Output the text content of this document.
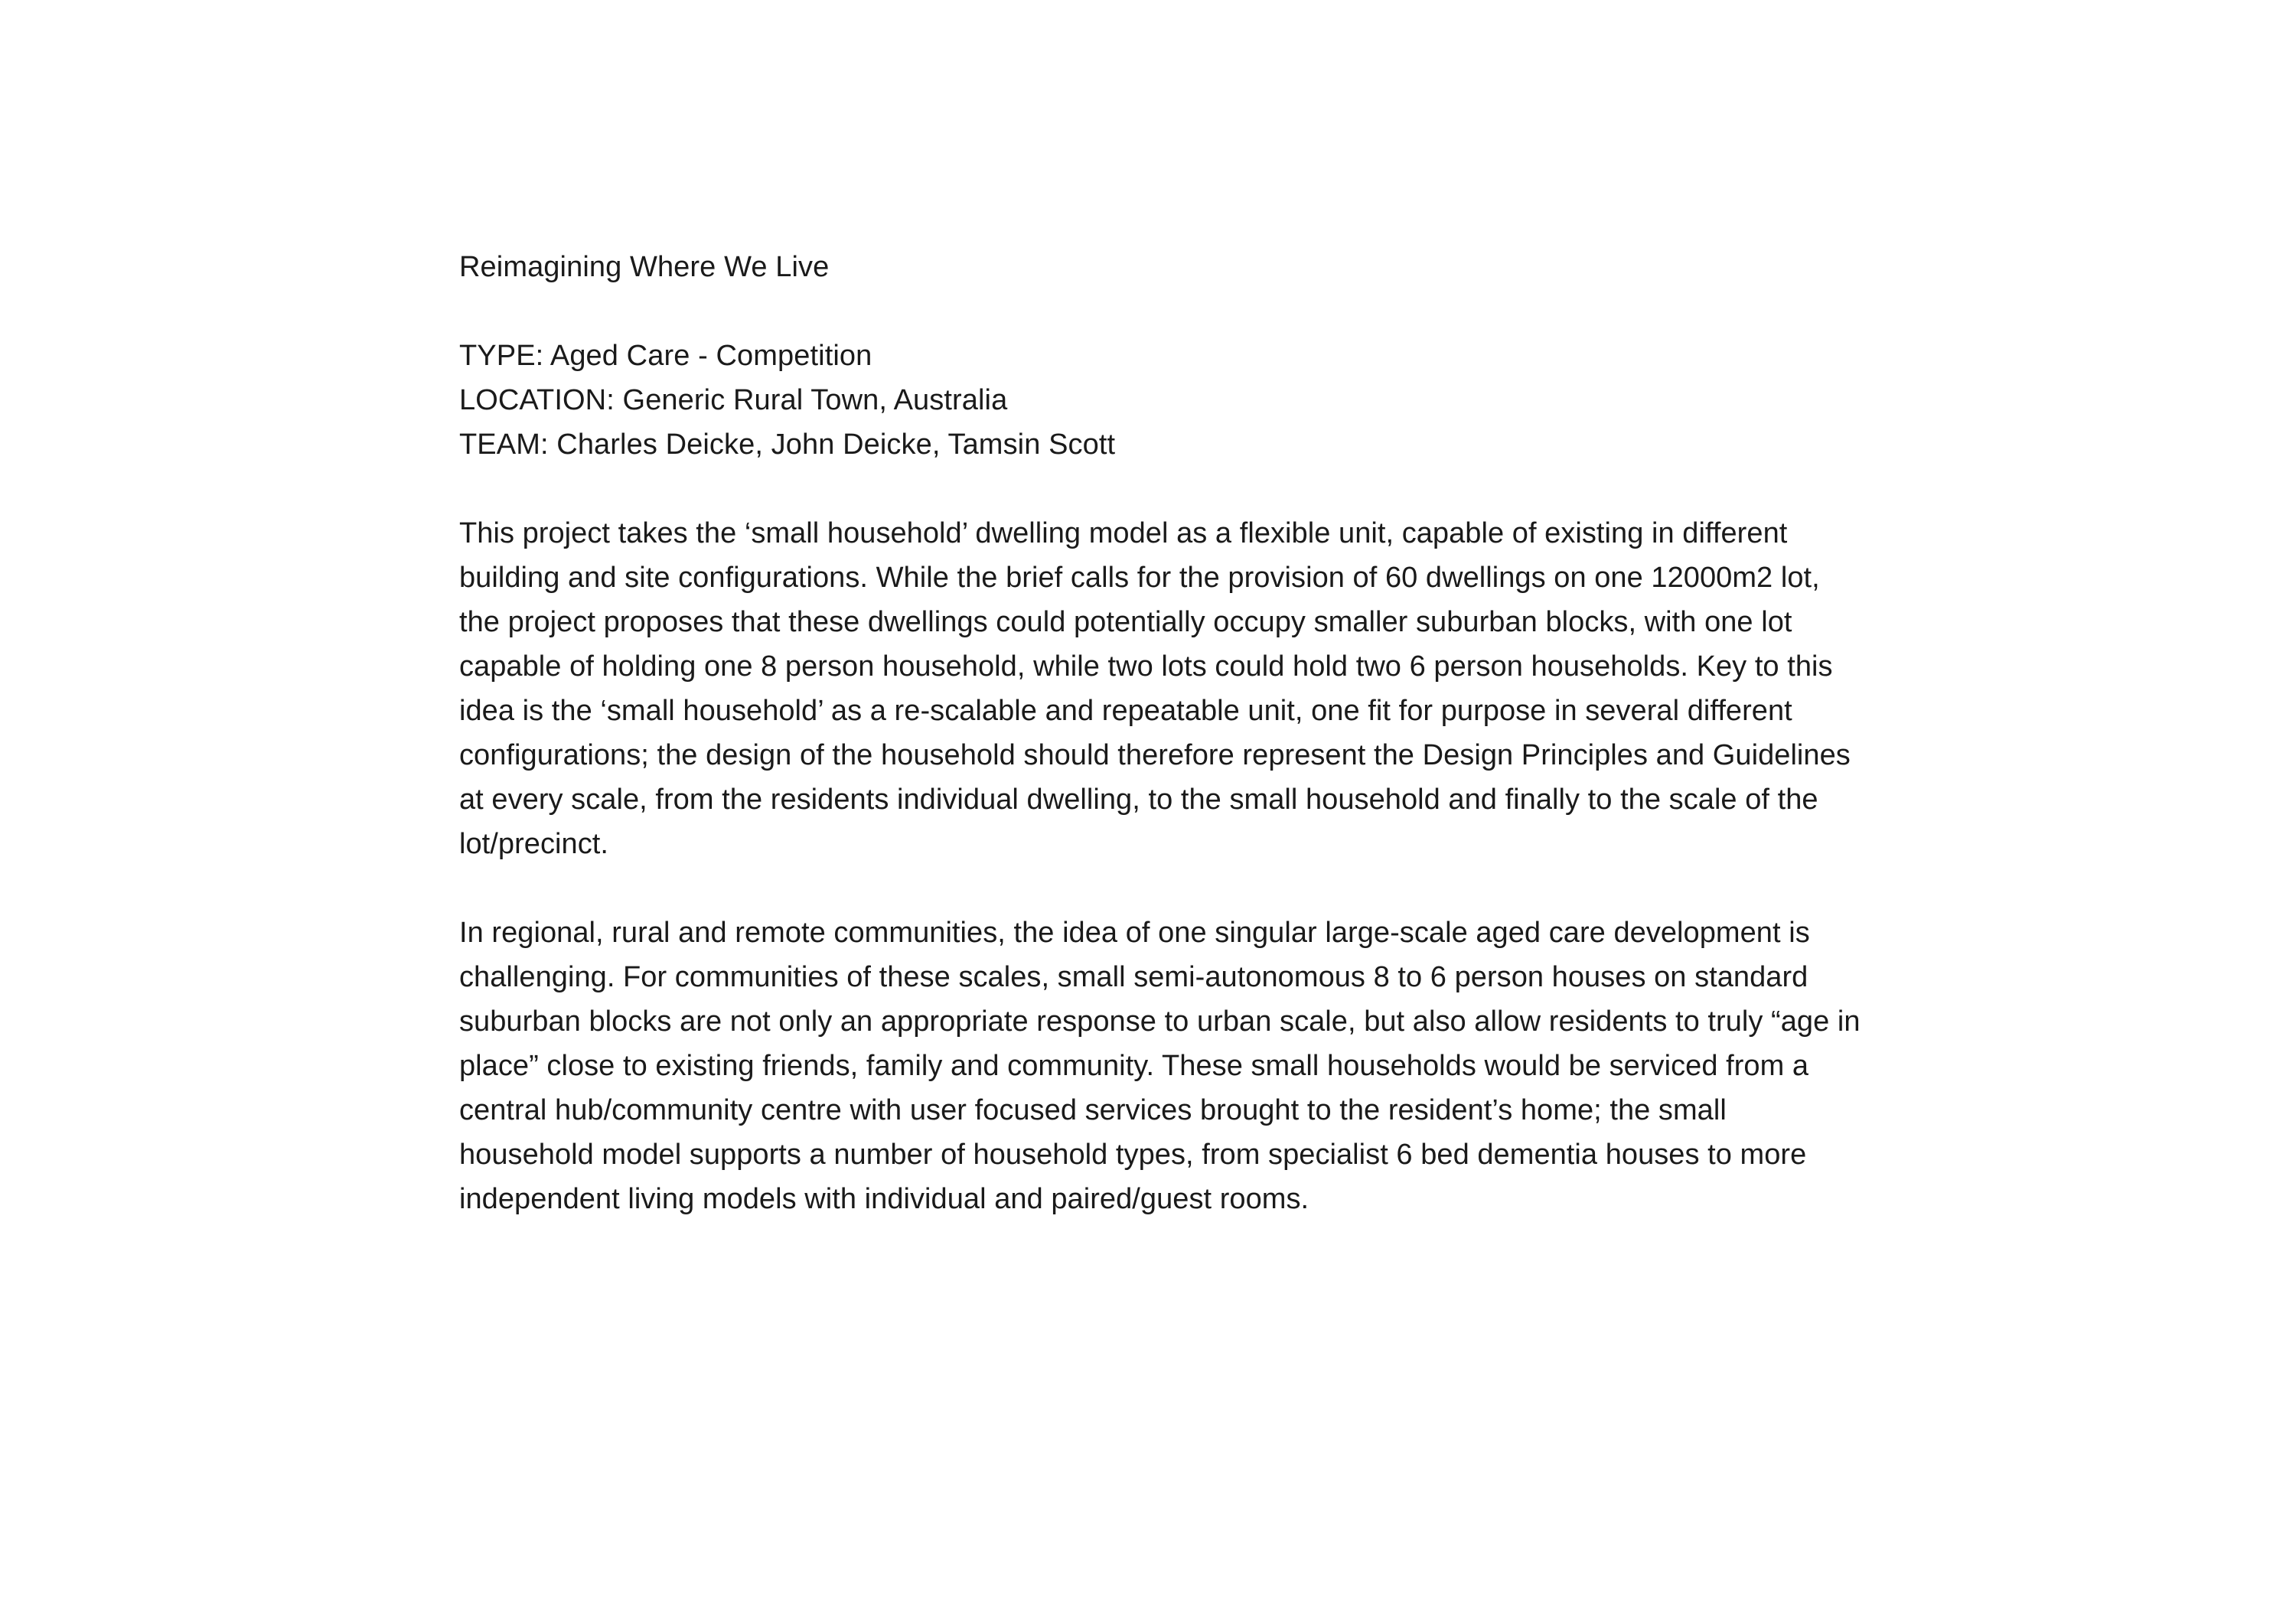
Reimagining Where We Live
TYPE: Aged Care - Competition
LOCATION: Generic Rural Town, Australia
TEAM: Charles Deicke, John Deicke, Tamsin Scott

This project takes the ‘small household’ dwelling model as a flexible unit, capable of existing in different building and site configurations. While the brief calls for the provision of 60 dwellings on one 12000m2 lot, the project proposes that these dwellings could potentially occupy smaller suburban blocks, with one lot capable of holding one 8 person household, while two lots could hold two 6 person households. Key to this idea is the ‘small household’ as a re-scalable and repeatable unit, one fit for purpose in several different configurations; the design of the household should therefore represent the Design Principles and Guidelines at every scale, from the residents individual dwelling, to the small household and finally to the scale of the lot/precinct.

In regional, rural and remote communities, the idea of one singular large-scale aged care development is challenging. For communities of these scales, small semi-autonomous 8 to 6 person houses on standard suburban blocks are not only an appropriate response to urban scale, but also allow residents to truly “age in place” close to existing friends, family and community. These small households would be serviced from a central hub/community centre with user focused services brought to the resident’s home; the small household model supports a number of household types, from specialist 6 bed dementia houses to more independent living models with individual and paired/guest rooms.
